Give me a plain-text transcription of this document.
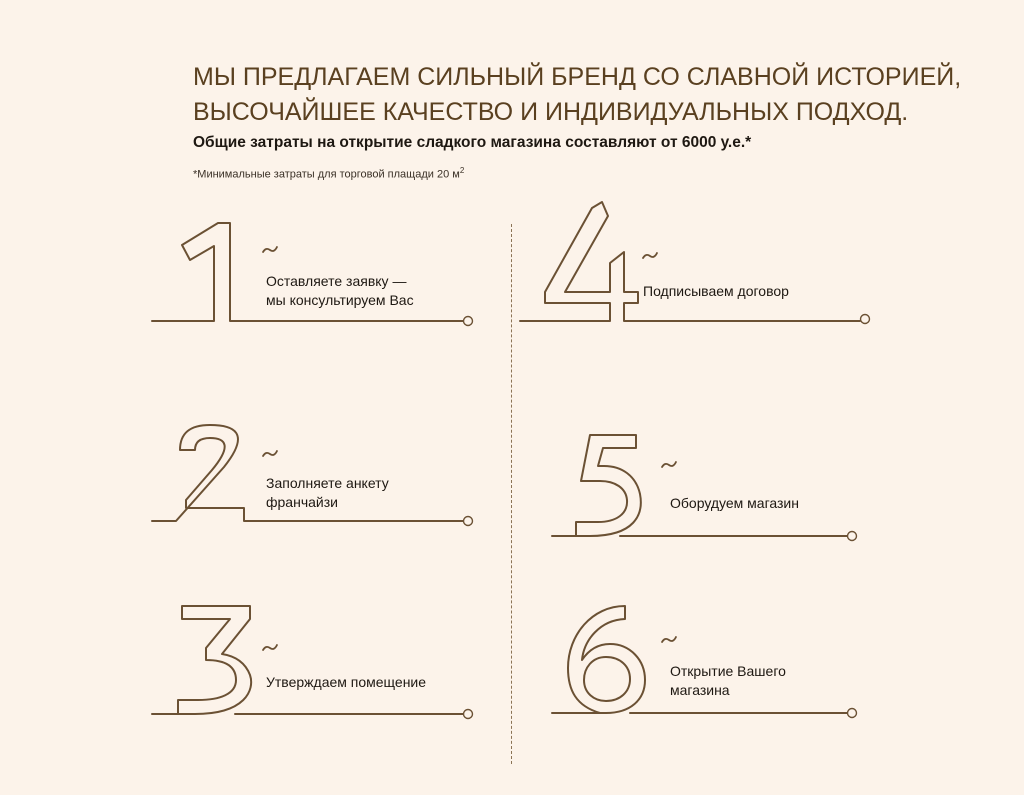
МЫ ПРЕДЛАГАЕМ СИЛЬНЫЙ БРЕНД СО СЛАВНОЙ ИСТОРИЕЙ,
ВЫСОЧАЙШЕЕ КАЧЕСТВО И ИНДИВИДУАЛЬНЫХ ПОДХОД.
Общие затраты на открытие сладкого магазина составляют от 6000 у.е.*
*Минимальные затраты для торговой плащади 20 $м^2$
Оставляете заявку —
мы консультируем Вас
Заполняете анкету
франчайзи
Утверждаем помещение
Подписываем договор
Оборудуем магазин
Открытие Вашего
магазина
